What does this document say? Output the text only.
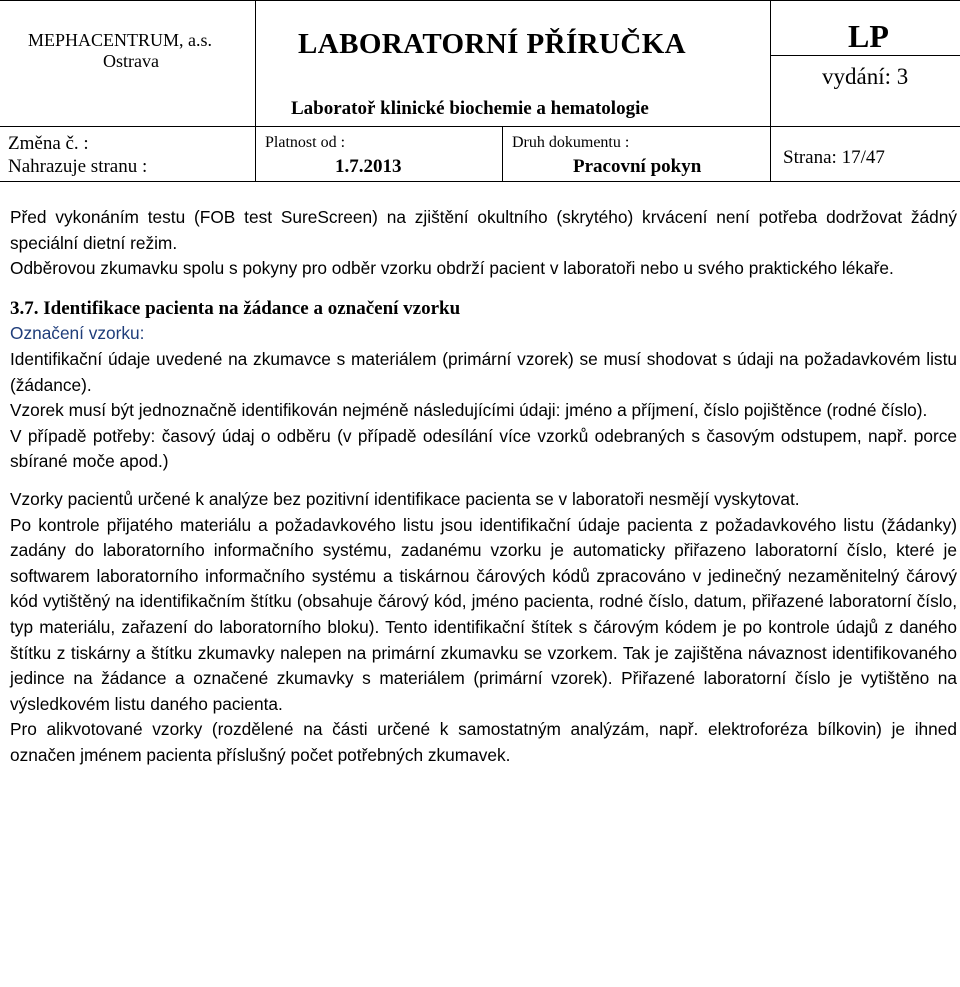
MEPHACENTRUM, a.s.
Ostrava
LABORATORNÍ PŘÍRUČKA	LP
vydání: 3
Laboratoř klinické biochemie a hematologie
Změna č. :
Nahrazuje stranu :
Platnost od :
1.7.2013
Druh dokumentu :
Pracovní pokyn	Strana: 17/47

Před vykonáním testu (FOB test SureScreen) na zjištění okultního (skrytého) krvácení není potřeba dodržovat žádný speciální dietní režim.

Odběrovou zkumavku spolu s pokyny pro odběr vzorku obdrží pacient v laboratoři nebo u svého praktického lékaře.

3.7. Identifikace pacienta na žádance a označení vzorku

Označení vzorku:

Identifikační údaje uvedené na zkumavce s materiálem (primární vzorek) se musí shodovat s údaji na požadavkovém listu (žádance).

Vzorek musí být jednoznačně identifikován nejméně následujícími údaji: jméno a příjmení, číslo pojištěnce (rodné číslo).

V případě potřeby: časový údaj o odběru (v případě odesílání více vzorků odebraných s časovým odstupem, např. porce sbírané moče apod.)

Vzorky pacientů určené k analýze bez pozitivní identifikace pacienta se v laboratoři nesmějí vyskytovat.

Po kontrole přijatého materiálu a požadavkového listu jsou identifikační údaje pacienta z požadavkového listu (žádanky) zadány do laboratorního informačního systému, zadanému vzorku je automaticky přiřazeno laboratorní číslo, které je softwarem laboratorního informačního systému a tiskárnou čárových kódů zpracováno v jedinečný nezaměnitelný čárový kód vytištěný na identifikačním štítku (obsahuje čárový kód, jméno pacienta, rodné číslo, datum, přiřazené laboratorní číslo, typ materiálu, zařazení do laboratorního bloku). Tento identifikační štítek s čárovým kódem je po kontrole údajů z daného štítku z tiskárny a štítku zkumavky nalepen na primární zkumavku se vzorkem. Tak je zajištěna návaznost identifikovaného jedince na žádance a označené zkumavky s materiálem (primární vzorek). Přiřazené laboratorní číslo je vytištěno na výsledkovém listu daného pacienta.

Pro alikvotované vzorky (rozdělené na části určené k samostatným analýzám, např. elektroforéza bílkovin) je ihned označen jménem pacienta příslušný počet potřebných zkumavek.
